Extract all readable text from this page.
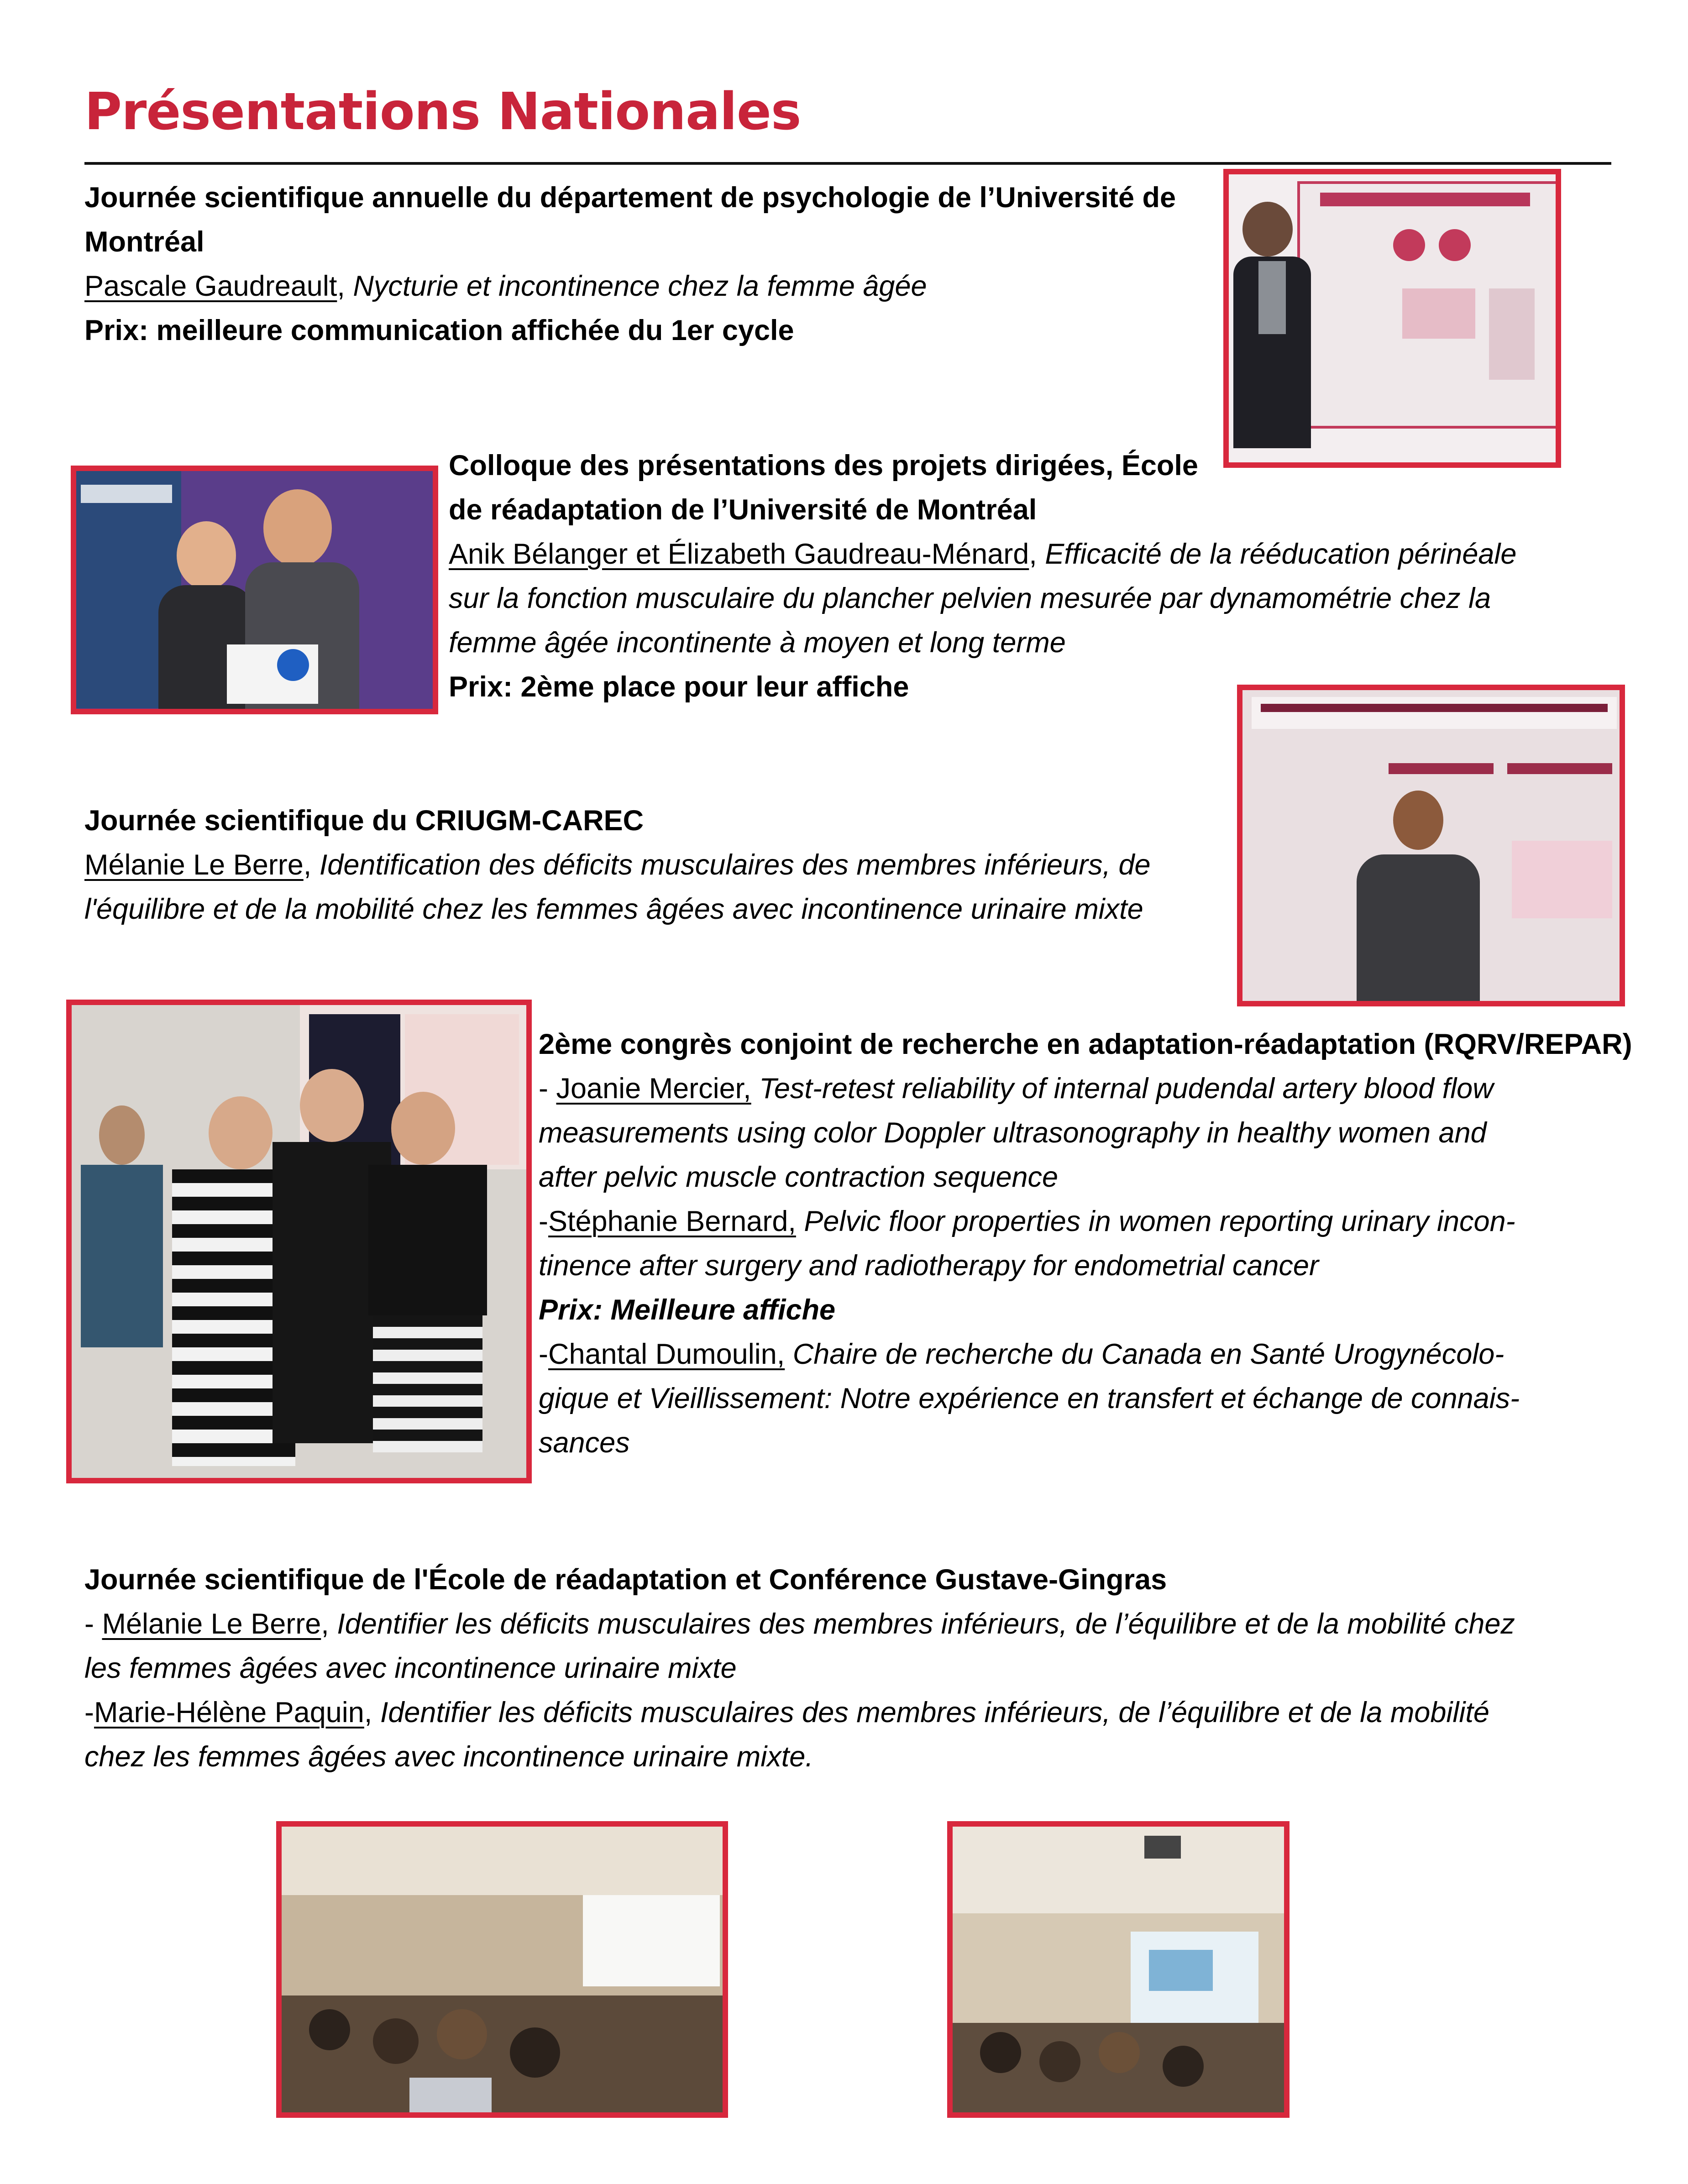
Présentations Nationales
Journée scientifique annuelle du département de psychologie de l’Université de
Montréal
Pascale Gaudreault, Nycturie et incontinence chez la femme âgée
Prix: meilleure communication affichée du 1er cycle
Colloque des présentations des projets dirigées, École
de réadaptation de l’Université de Montréal
Anik Bélanger et Élizabeth Gaudreau-Ménard, Efficacité de la rééducation périnéale
sur la fonction musculaire du plancher pelvien mesurée par dynamométrie chez la
femme âgée incontinente à moyen et long terme
Prix: 2ème place pour leur affiche
Journée scientifique du CRIUGM-CAREC
Mélanie Le Berre, Identification des déficits musculaires des membres inférieurs, de
l'équilibre et de la mobilité chez les femmes âgées avec incontinence urinaire mixte
2ème congrès conjoint de recherche en adaptation-réadaptation (RQRV/REPAR)
- Joanie Mercier, Test-retest reliability of internal pudendal artery blood flow
measurements using color Doppler ultrasonography in healthy women and
after pelvic muscle contraction sequence
-Stéphanie Bernard, Pelvic floor properties in women reporting urinary incon-
tinence after surgery and radiotherapy for endometrial cancer
Prix: Meilleure affiche
-Chantal Dumoulin, Chaire de recherche du Canada en Santé Urogynécolo-
gique et Vieillissement: Notre expérience en transfert et échange de connais-
sances
Journée scientifique de l'École de réadaptation et Conférence Gustave-Gingras
- Mélanie Le Berre, Identifier les déficits musculaires des membres inférieurs, de l’équilibre et de la mobilité chez
les femmes âgées avec incontinence urinaire mixte
-Marie-Hélène Paquin, Identifier les déficits musculaires des membres inférieurs, de l’équilibre et de la mobilité
chez les femmes âgées avec incontinence urinaire mixte.
